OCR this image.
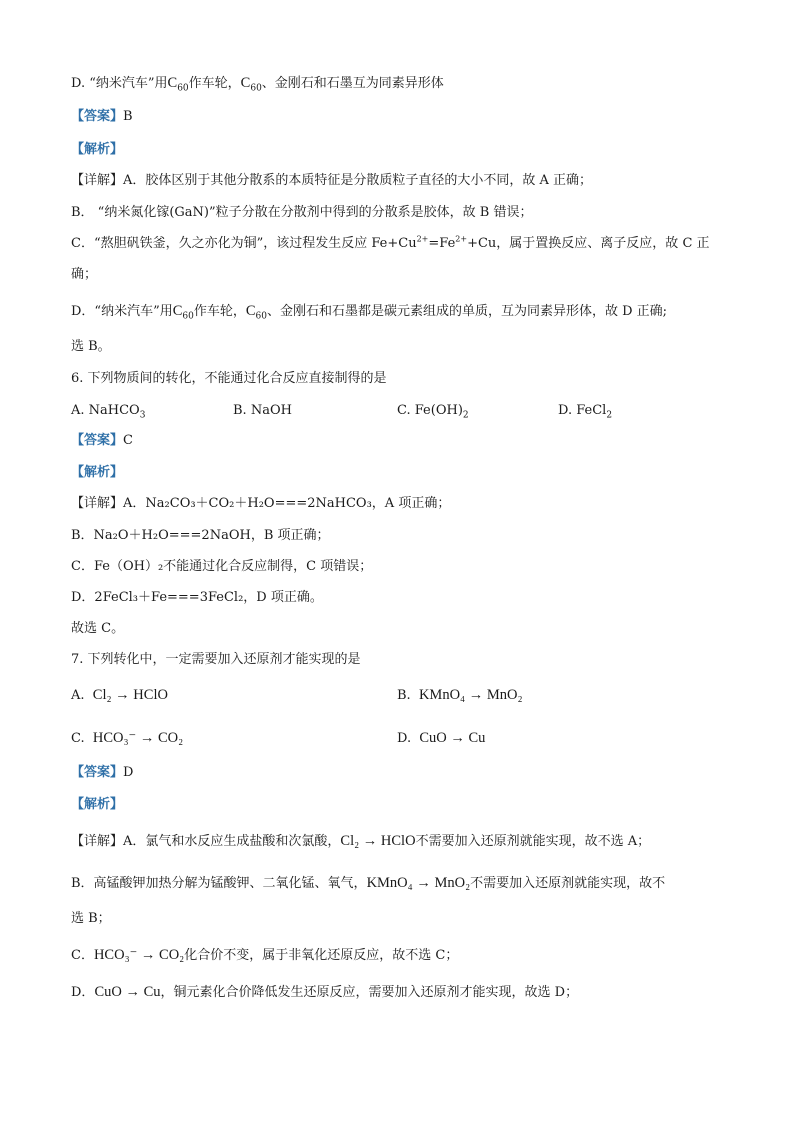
D. “纳米汽车”用$C_{60}$作车轮，$C_{60}$、金刚石和石墨互为同素异形体
【答案】B
【解析】
【详解】A．胶体区别于其他分散系的本质特征是分散质粒子直径的大小不同，故 A 正确；
B． “纳米氮化镓(GaN)”粒子分散在分散剂中得到的分散系是胶体，故 B 错误；
C．“熬胆矾铁釜，久之亦化为铜”，该过程发生反应 $Fe+Cu^{2+}=Fe^{2+}+Cu$，属于置换反应、离子反应，故 C 正
确；
D．“纳米汽车”用$C_{60}$作车轮，$C_{60}$、金刚石和石墨都是碳元素组成的单质，互为同素异形体，故 D 正确;
选 B。
6. 下列物质间的转化，不能通过化合反应直接制得的是
A. NaHCO$_3$	B. NaOH	C. $Fe(OH)_2$	D. FeCl$_2$
【答案】C
【解析】
【详解】A．Na₂CO₃＋CO₂＋H₂O===2NaHCO₃，A 项正确；
B．Na₂O＋H₂O===2NaOH，B 项正确；
C．Fe（OH）₂不能通过化合反应制得，C 项错误；
D．2FeCl₃＋Fe===3FeCl₂，D 项正确。
故选 C。
7. 下列转化中，一定需要加入还原剂才能实现的是
A. Cl₂ → HClO	B. KMnO₄ → MnO₂
C. HCO₃⁻ → CO₂	D. CuO → Cu
【答案】D
【解析】
【详解】A．氯气和水反应生成盐酸和次氯酸，Cl₂ → HClO不需要加入还原剂就能实现，故不选 A；
B．高锰酸钾加热分解为锰酸钾、二氧化锰、氧气，KMnO₄ → MnO₂不需要加入还原剂就能实现，故不
选 B；
C．HCO₃⁻ → CO₂化合价不变，属于非氧化还原反应，故不选 C；
D．CuO → Cu，铜元素化合价降低发生还原反应，需要加入还原剂才能实现，故选 D；
